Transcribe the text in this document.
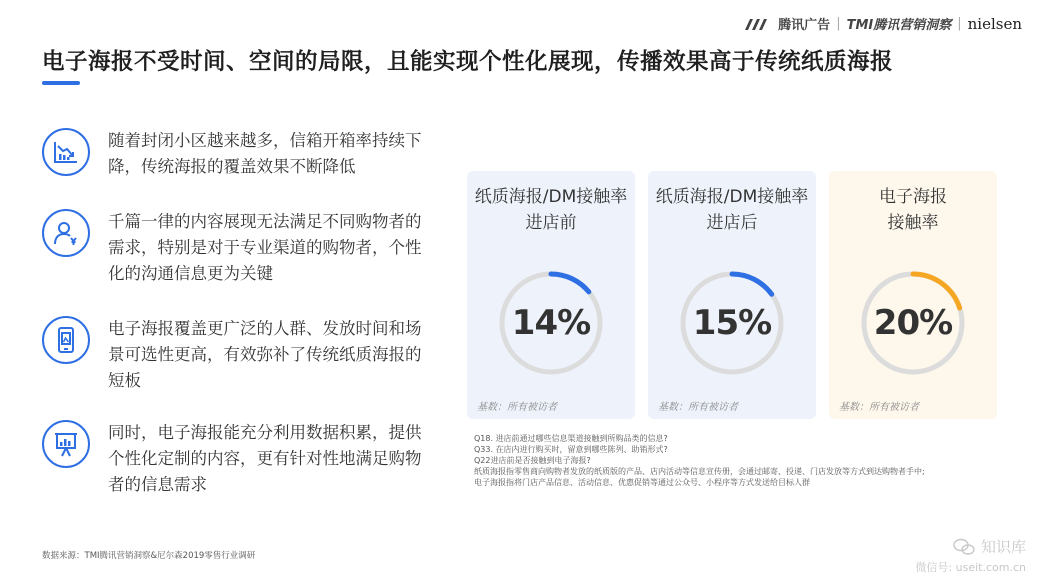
腾讯广告 | TMI腾讯营销洞察 | nielsen
电子海报不受时间、空间的局限，且能实现个性化展现，传播效果高于传统纸质海报
随着封闭小区越来越多，信箱开箱率持续下降，传统海报的覆盖效果不断降低
千篇一律的内容展现无法满足不同购物者的需求，特别是对于专业渠道的购物者，个性化的沟通信息更为关键
电子海报覆盖更广泛的人群、发放时间和场景可选性更高，有效弥补了传统纸质海报的短板
同时，电子海报能充分利用数据积累，提供个性化定制的内容，更有针对性地满足购物者的信息需求
纸质海报/DM接触率
进店前
14%
基数：所有被访者
纸质海报/DM接触率
进店后
15%
基数：所有被访者
电子海报
接触率
20%
基数：所有被访者
Q18. 进店前通过哪些信息渠道接触到所购品类的信息?
Q33. 在店内进行购买时，留意到哪些陈列、助销形式?
Q22进店前是否接触到电子海报?
纸质海报指零售商向购物者发放的纸质版的产品、店内活动等信息宣传册，会通过邮寄、投递、门店发放等方式到达购物者手中;
电子海报指将门店产品信息、活动信息、优惠促销等通过公众号、小程序等方式发送给目标人群
数据来源：TMI腾讯营销洞察&尼尔森2019零售行业调研	知识库
微信号: useit.com.cn
